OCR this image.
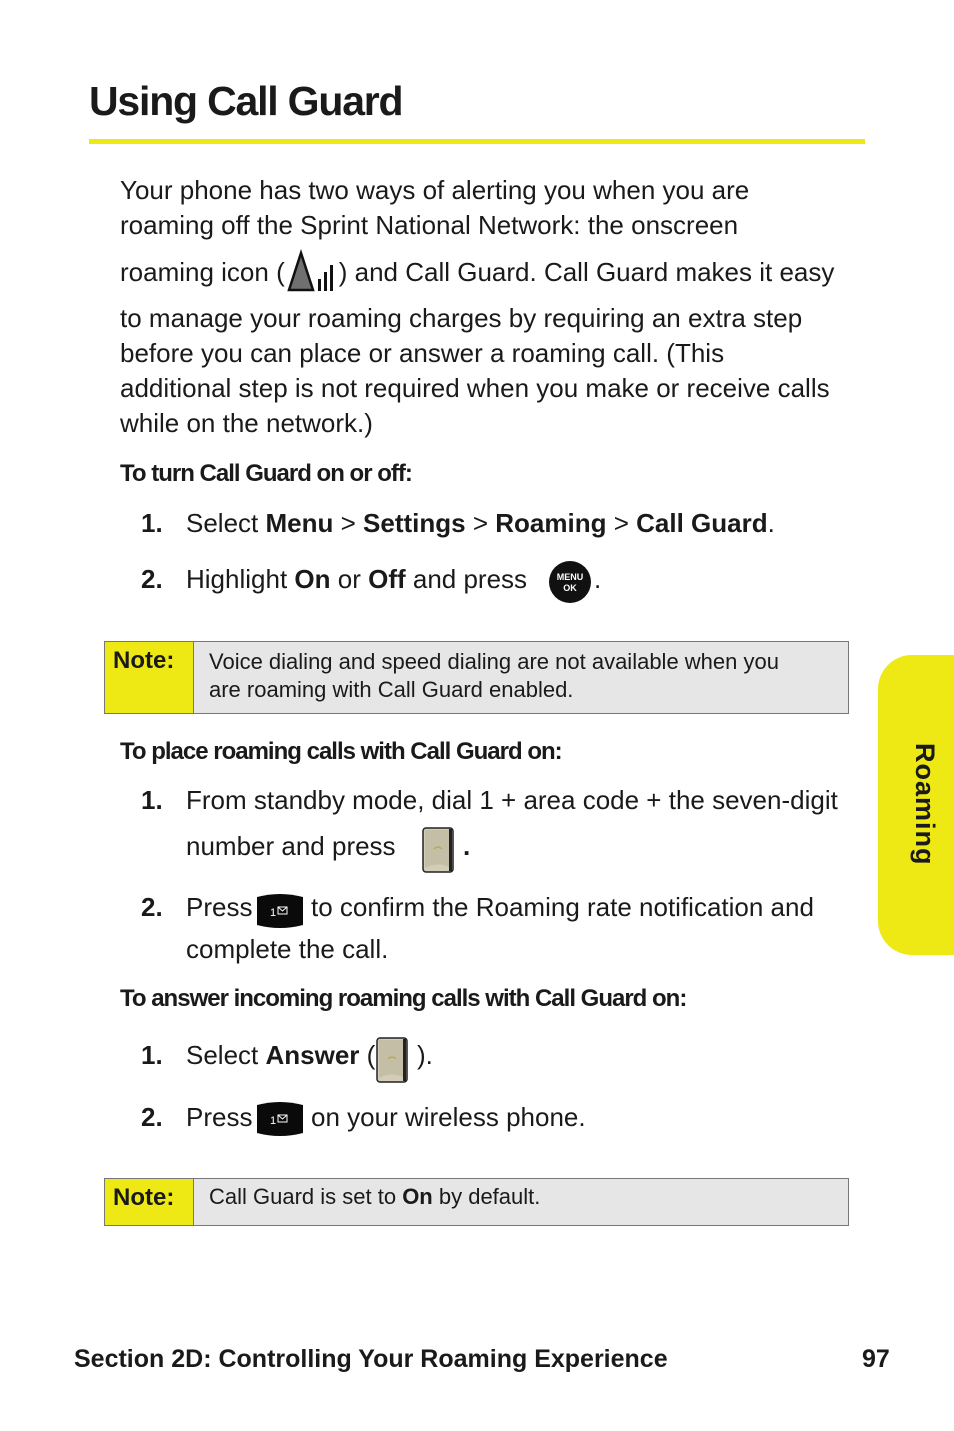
Using Call Guard
Your phone has two ways of alerting you when you are
roaming off the Sprint National Network: the onscreen
roaming icon ( ) and Call Guard. Call Guard makes it easy
to manage your roaming charges by requiring an extra step
before you can place or answer a roaming call. (This
additional step is not required when you make or receive calls
while on the network.)
To turn Call Guard on or off:
1. Select Menu > Settings > Roaming > Call Guard.
2. Highlight On or Off and press	MENU
OK .
Note:	Voice dialing and speed dialing are not available when you
are roaming with Call Guard enabled.
To place roaming calls with Call Guard on:
1. From standby mode, dial 1 + area code + the seven-digit
number and press	.
2. Press 1 to confirm the Roaming rate notification and
complete the call.
To answer incoming roaming calls with Call Guard on:
1. Select Answer ( ).
2. Press 1 on your wireless phone.
Note:	Call Guard is set to On by default.
Roaming
Section 2D: Controlling Your Roaming Experience	97
